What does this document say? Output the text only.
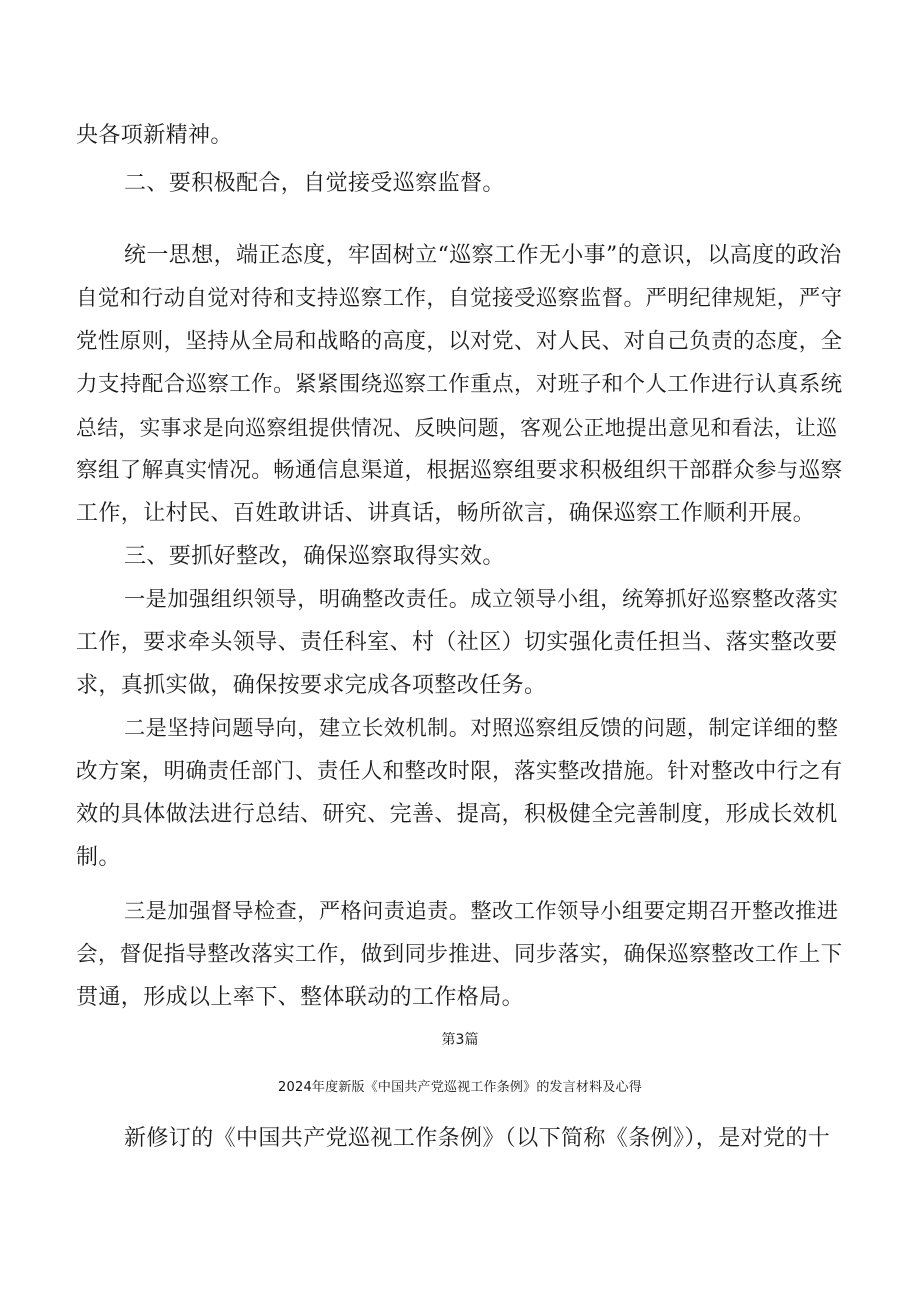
央各项新精神。
二、要积极配合，自觉接受巡察监督。
统一思想，端正态度，牢固树立“巡察工作无小事”的意识，以高度的政治
自觉和行动自觉对待和支持巡察工作，自觉接受巡察监督。严明纪律规矩，严守
党性原则，坚持从全局和战略的高度，以对党、对人民、对自己负责的态度，全
力支持配合巡察工作。紧紧围绕巡察工作重点，对班子和个人工作进行认真系统
总结，实事求是向巡察组提供情况、反映问题，客观公正地提出意见和看法，让巡
察组了解真实情况。畅通信息渠道，根据巡察组要求积极组织干部群众参与巡察
工作，让村民、百姓敢讲话、讲真话，畅所欲言，确保巡察工作顺利开展。
三、要抓好整改，确保巡察取得实效。
一是加强组织领导，明确整改责任。成立领导小组，统筹抓好巡察整改落实
工作，要求牵头领导、责任科室、村（社区）切实强化责任担当、落实整改要
求，真抓实做，确保按要求完成各项整改任务。
二是坚持问题导向，建立长效机制。对照巡察组反馈的问题，制定详细的整
改方案，明确责任部门、责任人和整改时限，落实整改措施。针对整改中行之有
效的具体做法进行总结、研究、完善、提高，积极健全完善制度，形成长效机
制。
三是加强督导检查，严格问责追责。整改工作领导小组要定期召开整改推进
会，督促指导整改落实工作，做到同步推进、同步落实，确保巡察整改工作上下
贯通，形成以上率下、整体联动的工作格局。
第3篇
2024年度新版《中国共产党巡视工作条例》的发言材料及心得
新修订的《中国共产党巡视工作条例》（以下简称《条例》），是对党的十
